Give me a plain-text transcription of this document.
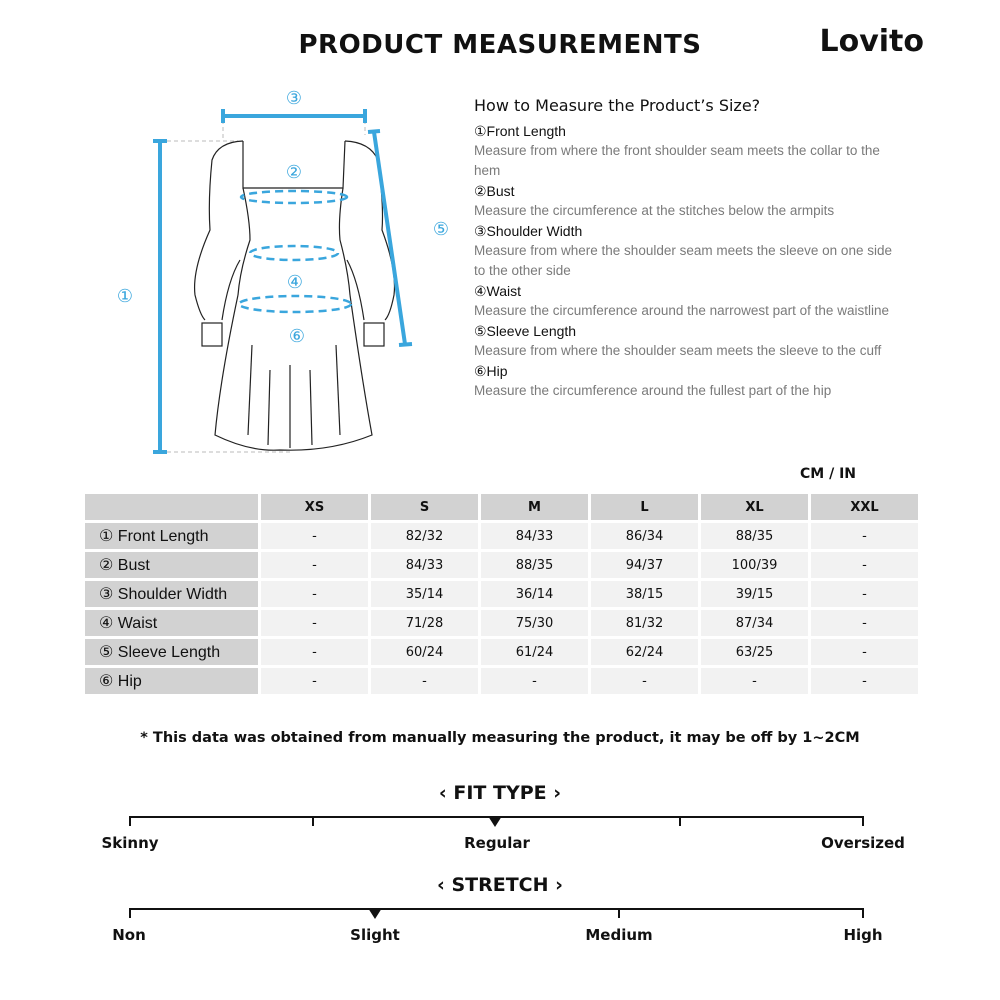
PRODUCT MEASUREMENTS	Lovito
③
②
④
⑥
①
⑤
How to Measure the Product’s Size?
①Front Length
Measure from where the front shoulder seam meets the collar to the hem
②Bust
Measure the circumference at the stitches below the armpits
③Shoulder Width
Measure from where the shoulder seam meets the sleeve on one side to the other side
④Waist
Measure the circumference around the narrowest part of the waistline
⑤Sleeve Length
Measure from where the shoulder seam meets the sleeve to the cuff
⑥Hip
Measure the circumference around the fullest part of the hip
CM / IN
	XS	S	M	L	XL	XXL
① Front Length	-	82/32	84/33	86/34	88/35	-
② Bust	-	84/33	88/35	94/37	100/39	-
③ Shoulder Width	-	35/14	36/14	38/15	39/15	-
④ Waist	-	71/28	75/30	81/32	87/34	-
⑤ Sleeve Length	-	60/24	61/24	62/24	63/25	-
⑥ Hip	-	-	-	-	-	-
* This data was obtained from manually measuring the product, it may be off by 1~2CM
‹ FIT TYPE ›
Skinny	Regular	Oversized
‹ STRETCH ›
Non	Slight	Medium	High
